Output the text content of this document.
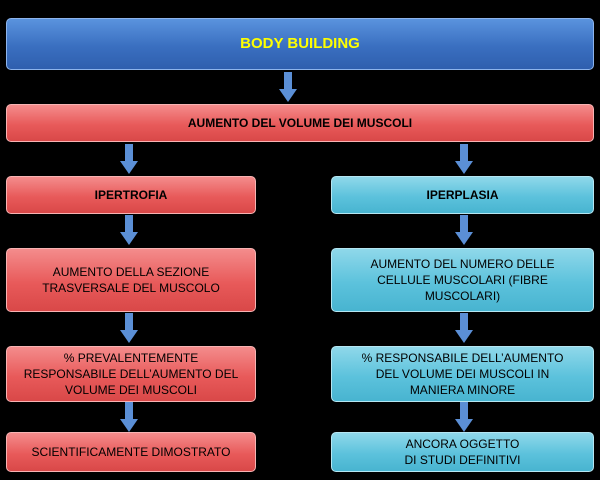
BODY BUILDING
AUMENTO DEL VOLUME DEI MUSCOLI
IPERTROFIA
AUMENTO DELLA SEZIONE
TRASVERSALE DEL MUSCOLO
% PREVALENTEMENTE
RESPONSABILE DELL’AUMENTO DEL
VOLUME DEI MUSCOLI
SCIENTIFICAMENTE DIMOSTRATO
IPERPLASIA
AUMENTO DEL NUMERO DELLE
CELLULE MUSCOLARI (FIBRE
MUSCOLARI)
% RESPONSABILE DELL’AUMENTO
DEL VOLUME DEI MUSCOLI IN
MANIERA MINORE
ANCORA OGGETTO
DI STUDI DEFINITIVI
